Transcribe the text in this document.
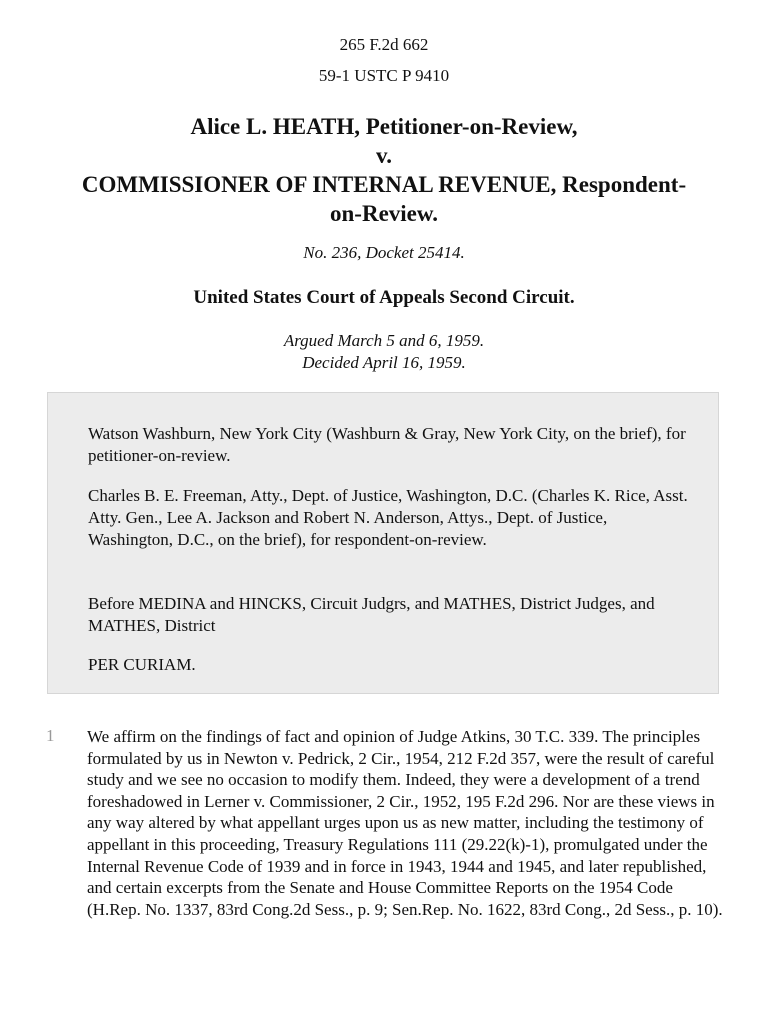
265 F.2d 662
59-1 USTC P 9410
Alice L. HEATH, Petitioner-on-Review,
v.
COMMISSIONER OF INTERNAL REVENUE, Respondent-
on-Review.
No. 236, Docket 25414.
United States Court of Appeals Second Circuit.
Argued March 5 and 6, 1959.
Decided April 16, 1959.
Watson Washburn, New York City (Washburn & Gray, New York City, on the brief), for petitioner-on-review.
Charles B. E. Freeman, Atty., Dept. of Justice, Washington, D.C. (Charles K. Rice, Asst. Atty. Gen., Lee A. Jackson and Robert N. Anderson, Attys., Dept. of Justice, Washington, D.C., on the brief), for respondent-on-review.
Before MEDINA and HINCKS, Circuit Judgrs, and MATHES, District Judges, and MATHES, District
PER CURIAM.
1 We affirm on the findings of fact and opinion of Judge Atkins, 30 T.C. 339. The principles formulated by us in Newton v. Pedrick, 2 Cir., 1954, 212 F.2d 357, were the result of careful study and we see no occasion to modify them. Indeed, they were a development of a trend foreshadowed in Lerner v. Commissioner, 2 Cir., 1952, 195 F.2d 296. Nor are these views in any way altered by what appellant urges upon us as new matter, including the testimony of appellant in this proceeding, Treasury Regulations 111 (29.22(k)-1), promulgated under the Internal Revenue Code of 1939 and in force in 1943, 1944 and 1945, and later republished, and certain excerpts from the Senate and House Committee Reports on the 1954 Code (H.Rep. No. 1337, 83rd Cong.2d Sess., p. 9; Sen.Rep. No. 1622, 83rd Cong., 2d Sess., p. 10).
